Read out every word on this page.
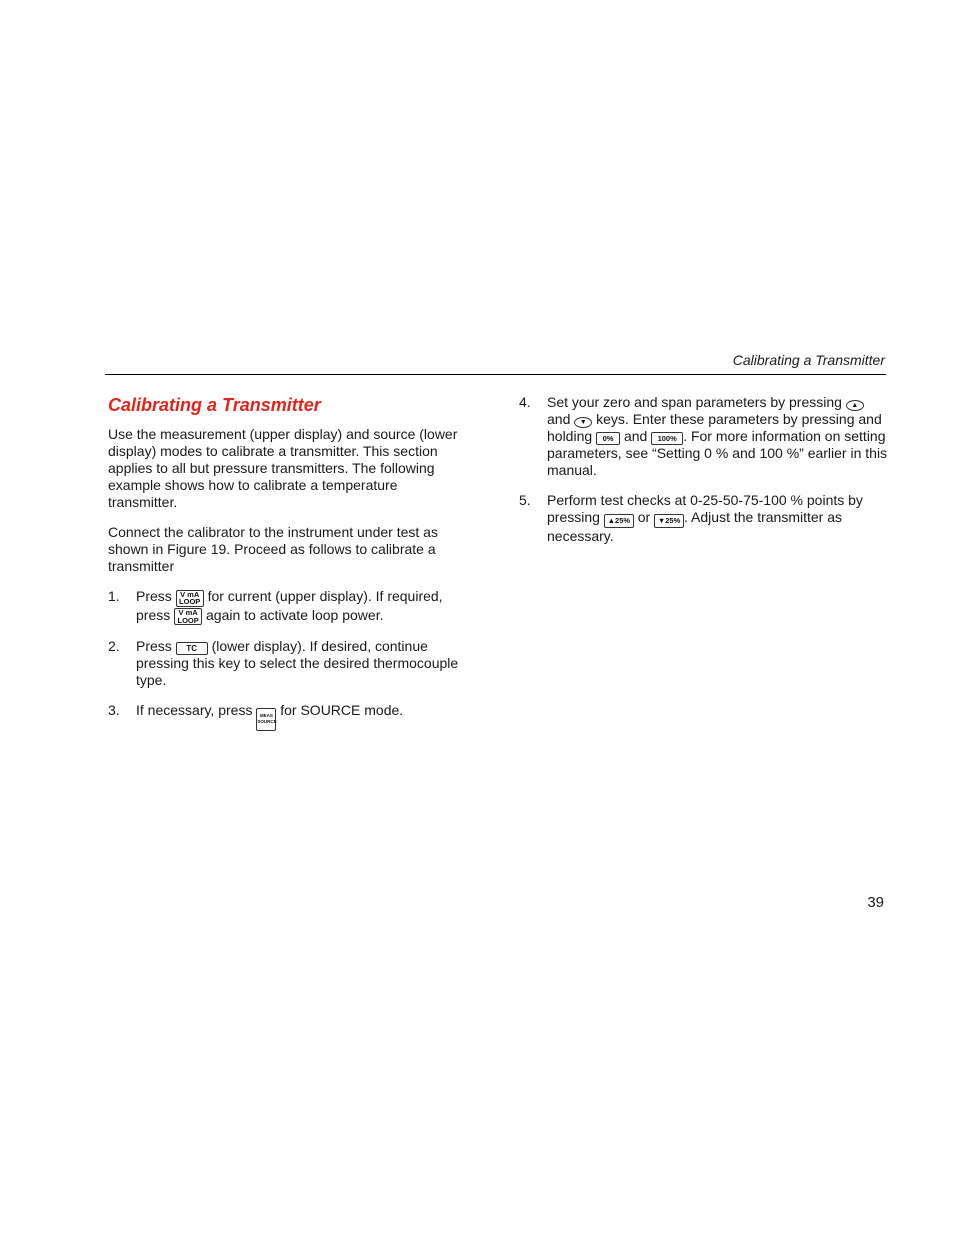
Calibrating a Transmitter
Calibrating a Transmitter

Use the measurement (upper display) and source (lower display) modes to calibrate a transmitter. This section applies to all but pressure transmitters. The following example shows how to calibrate a temperature transmitter.

Connect the calibrator to the instrument under test as shown in Figure 19. Proceed as follows to calibrate a transmitter

1. Press	V mA
LOOP for current (upper display). If required, press	V mA
LOOP again to activate loop power.
2. Press TC (lower display). If desired, continue pressing this key to select the desired thermocouple type.
3. If necessary, press	MEAS
SOURCE
for SOURCE mode.
4. Set your zero and span parameters by pressing ▲ and ▼ keys. Enter these parameters by pressing and holding 0% and 100% . For more information on setting parameters, see “Setting 0 % and 100 %” earlier in this manual.
5. Perform test checks at 0-25-50-75-100 % points by pressing ▲25% or ▼25% . Adjust the transmitter as necessary.
39
